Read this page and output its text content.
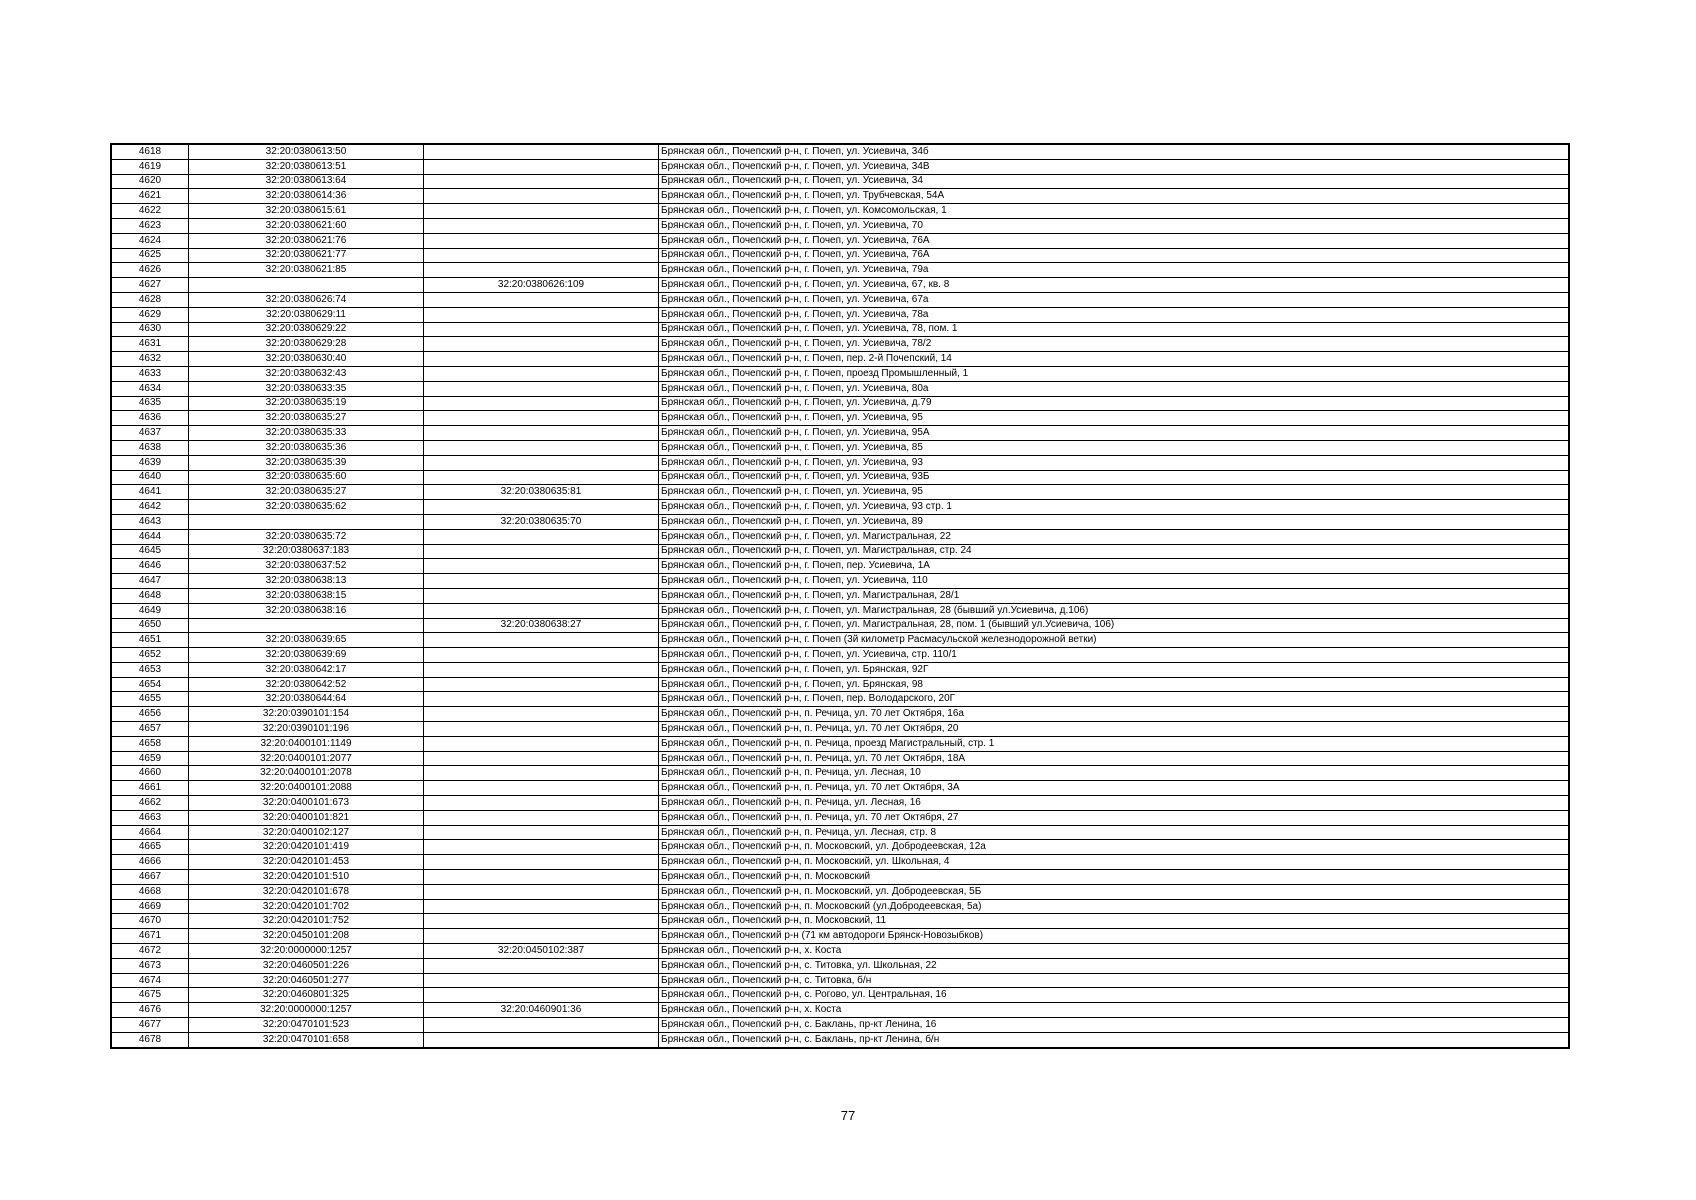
4618	32:20:0380613:50		Брянская обл., Почепский р-н, г. Почеп, ул. Усиевича, 34б
4619	32:20:0380613:51		Брянская обл., Почепский р-н, г. Почеп, ул. Усиевича, 34В
4620	32:20:0380613:64		Брянская обл., Почепский р-н, г. Почеп, ул. Усиевича, 34
4621	32:20:0380614:36		Брянская обл., Почепский р-н, г. Почеп, ул. Трубчевская, 54А
4622	32:20:0380615:61		Брянская обл., Почепский р-н, г. Почеп, ул. Комсомольская, 1
4623	32:20:0380621:60		Брянская обл., Почепский р-н, г. Почеп, ул. Усиевича, 70
4624	32:20:0380621:76		Брянская обл., Почепский р-н, г. Почеп, ул. Усиевича, 76А
4625	32:20:0380621:77		Брянская обл., Почепский р-н, г. Почеп, ул. Усиевича, 76А
4626	32:20:0380621:85		Брянская обл., Почепский р-н, г. Почеп, ул. Усиевича, 79а
4627		32:20:0380626:109	Брянская обл., Почепский р-н, г. Почеп, ул. Усиевича, 67, кв. 8
4628	32:20:0380626:74		Брянская обл., Почепский р-н, г. Почеп, ул. Усиевича, 67а
4629	32:20:0380629:11		Брянская обл., Почепский р-н, г. Почеп, ул. Усиевича, 78а
4630	32:20:0380629:22		Брянская обл., Почепский р-н, г. Почеп, ул. Усиевича, 78, пом. 1
4631	32:20:0380629:28		Брянская обл., Почепский р-н, г. Почеп, ул. Усиевича, 78/2
4632	32:20:0380630:40		Брянская обл., Почепский р-н, г. Почеп, пер. 2-й Почепский, 14
4633	32:20:0380632:43		Брянская обл., Почепский р-н, г. Почеп, проезд Промышленный, 1
4634	32:20:0380633:35		Брянская обл., Почепский р-н, г. Почеп, ул. Усиевича, 80а
4635	32:20:0380635:19		Брянская обл., Почепский р-н, г. Почеп, ул. Усиевича, д.79
4636	32:20:0380635:27		Брянская обл., Почепский р-н, г. Почеп, ул. Усиевича, 95
4637	32:20:0380635:33		Брянская обл., Почепский р-н, г. Почеп, ул. Усиевича, 95А
4638	32:20:0380635:36		Брянская обл., Почепский р-н, г. Почеп, ул. Усиевича, 85
4639	32:20:0380635:39		Брянская обл., Почепский р-н, г. Почеп, ул. Усиевича, 93
4640	32:20:0380635:60		Брянская обл., Почепский р-н, г. Почеп, ул. Усиевича, 93Б
4641	32:20:0380635:27	32:20:0380635:81	Брянская обл., Почепский р-н, г. Почеп, ул. Усиевича, 95
4642	32:20:0380635:62		Брянская обл., Почепский р-н, г. Почеп, ул. Усиевича, 93 стр. 1
4643		32:20:0380635:70	Брянская обл., Почепский р-н, г. Почеп, ул. Усиевича, 89
4644	32:20:0380635:72		Брянская обл., Почепский р-н, г. Почеп, ул. Магистральная, 22
4645	32:20:0380637:183		Брянская обл., Почепский р-н, г. Почеп, ул. Магистральная, стр. 24
4646	32:20:0380637:52		Брянская обл., Почепский р-н, г. Почеп, пер. Усиевича, 1А
4647	32:20:0380638:13		Брянская обл., Почепский р-н, г. Почеп, ул. Усиевича, 110
4648	32:20:0380638:15		Брянская обл., Почепский р-н, г. Почеп, ул. Магистральная, 28/1
4649	32:20:0380638:16		Брянская обл., Почепский р-н, г. Почеп, ул. Магистральная, 28 (бывший ул.Усиевича, д.106)
4650		32:20:0380638:27	Брянская обл., Почепский р-н, г. Почеп, ул. Магистральная, 28, пом. 1 (бывший ул.Усиевича, 106)
4651	32:20:0380639:65		Брянская обл., Почепский р-н, г. Почеп (3й километр Расмасульской железнодорожной ветки)
4652	32:20:0380639:69		Брянская обл., Почепский р-н, г. Почеп, ул. Усиевича, стр. 110/1
4653	32:20:0380642:17		Брянская обл., Почепский р-н, г. Почеп, ул. Брянская, 92Г
4654	32:20:0380642:52		Брянская обл., Почепский р-н, г. Почеп, ул. Брянская, 98
4655	32:20:0380644:64		Брянская обл., Почепский р-н, г. Почеп, пер. Володарского, 20Г
4656	32:20:0390101:154		Брянская обл., Почепский р-н, п. Речица, ул. 70 лет Октября, 16а
4657	32:20:0390101:196		Брянская обл., Почепский р-н, п. Речица, ул. 70 лет Октября, 20
4658	32:20:0400101:1149		Брянская обл., Почепский р-н, п. Речица, проезд Магистральный, стр. 1
4659	32:20:0400101:2077		Брянская обл., Почепский р-н, п. Речица, ул. 70 лет Октября, 18А
4660	32:20:0400101:2078		Брянская обл., Почепский р-н, п. Речица, ул. Лесная, 10
4661	32:20:0400101:2088		Брянская обл., Почепский р-н, п. Речица, ул. 70 лет Октября, 3А
4662	32:20:0400101:673		Брянская обл., Почепский р-н, п. Речица, ул. Лесная, 16
4663	32:20:0400101:821		Брянская обл., Почепский р-н, п. Речица, ул. 70 лет Октября, 27
4664	32:20:0400102:127		Брянская обл., Почепский р-н, п. Речица, ул. Лесная, стр. 8
4665	32:20:0420101:419		Брянская обл., Почепский р-н, п. Московский, ул. Добродеевская, 12а
4666	32:20:0420101:453		Брянская обл., Почепский р-н, п. Московский, ул. Школьная, 4
4667	32:20:0420101:510		Брянская обл., Почепский р-н, п. Московский
4668	32:20:0420101:678		Брянская обл., Почепский р-н, п. Московский, ул. Добродеевская, 5Б
4669	32:20:0420101:702		Брянская обл., Почепский р-н, п. Московский (ул.Добродеевская, 5а)
4670	32:20:0420101:752		Брянская обл., Почепский р-н, п. Московский, 11
4671	32:20:0450101:208		Брянская обл., Почепский р-н (71 км автодороги Брянск-Новозыбков)
4672	32:20:0000000:1257	32:20:0450102:387	Брянская обл., Почепский р-н, х. Коста
4673	32:20:0460501:226		Брянская обл., Почепский р-н, с. Титовка, ул. Школьная, 22
4674	32:20:0460501:277		Брянская обл., Почепский р-н, с. Титовка, б/н
4675	32:20:0460801:325		Брянская обл., Почепский р-н, с. Рогово, ул. Центральная, 16
4676	32:20:0000000:1257	32:20:0460901:36	Брянская обл., Почепский р-н, х. Коста
4677	32:20:0470101:523		Брянская обл., Почепский р-н, с. Баклань, пр-кт Ленина, 16
4678	32:20:0470101:658		Брянская обл., Почепский р-н, с. Баклань, пр-кт Ленина, б/н
77
